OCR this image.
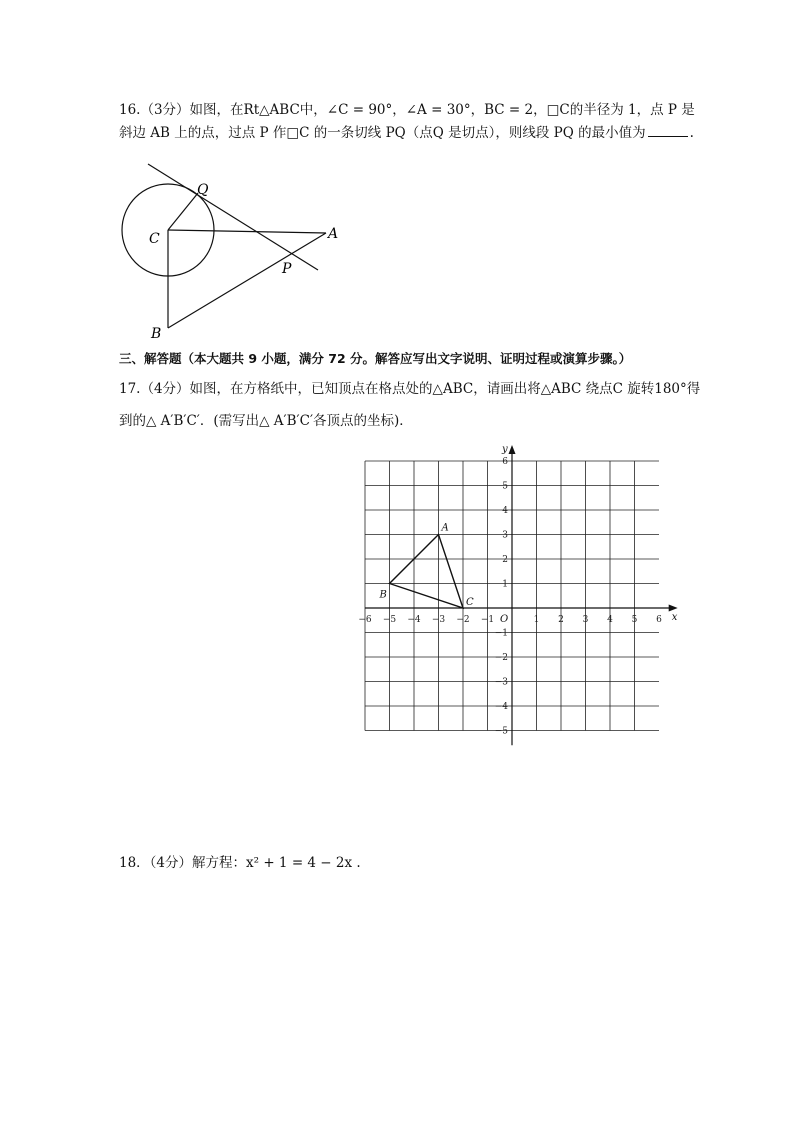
16.（3分）如图，在Rt△ABC中，∠C = 90°，∠A = 30°，BC = 2，□C的半径为 1，点 P 是
斜边 AB 上的点，过点 P 作□C 的一条切线 PQ（点Q 是切点），则线段 PQ 的最小值为	.
Q
C	A
P
B
三、解答题（本大题共 9 小题，满分 72 分。解答应写出文字说明、证明过程或演算步骤。）
17.（4分）如图，在方格纸中，已知顶点在格点处的△ABC，请画出将△ABC 绕点C 旋转180°得
到的△ A′B′C′．(需写出△ A′B′C′各顶点的坐标)．
−6 −5 −4 −3 −2 −1	1 2 3 4 5 6
6
5
4
3
2
1
−1
−2
−3
−4
−5
O	x
y
A
B
C
18．（4分）解方程：x² + 1 = 4 − 2x .
